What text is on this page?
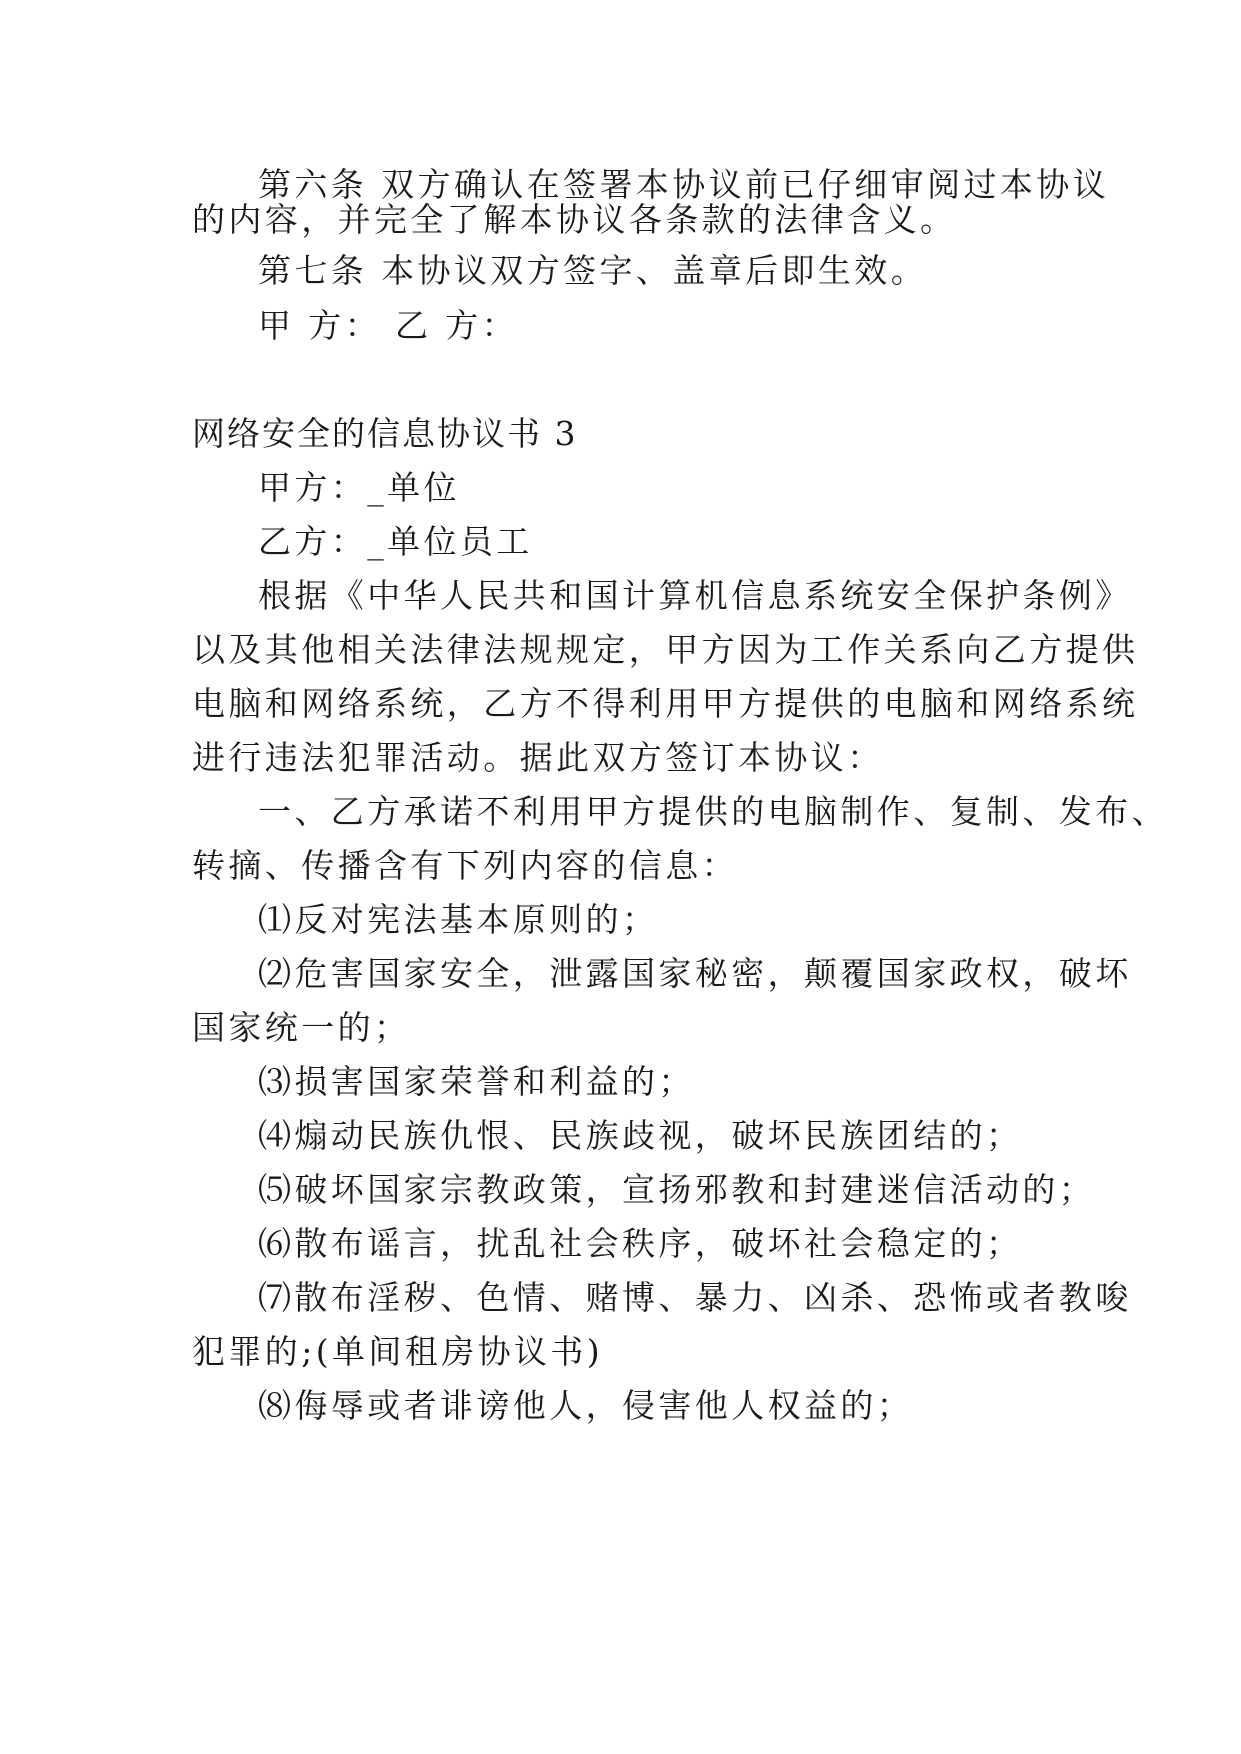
第六条 双方确认在签署本协议前已仔细审阅过本协议
的内容，并完全了解本协议各条款的法律含义。
第七条 本协议双方签字、盖章后即生效。
甲 方： 乙 方：
网络安全的信息协议书 3
甲方：_单位
乙方：_单位员工
根据《中华人民共和国计算机信息系统安全保护条例》
以及其他相关法律法规规定，甲方因为工作关系向乙方提供
电脑和网络系统，乙方不得利用甲方提供的电脑和网络系统
进行违法犯罪活动。据此双方签订本协议：
一、乙方承诺不利用甲方提供的电脑制作、复制、发布、
转摘、传播含有下列内容的信息：
⑴反对宪法基本原则的；
⑵危害国家安全，泄露国家秘密，颠覆国家政权，破坏
国家统一的；
⑶损害国家荣誉和利益的；
⑷煽动民族仇恨、民族歧视，破坏民族团结的；
⑸破坏国家宗教政策，宣扬邪教和封建迷信活动的；
⑹散布谣言，扰乱社会秩序，破坏社会稳定的；
⑺散布淫秽、色情、赌博、暴力、凶杀、恐怖或者教唆
犯罪的;(单间租房协议书)
⑻侮辱或者诽谤他人，侵害他人权益的；
